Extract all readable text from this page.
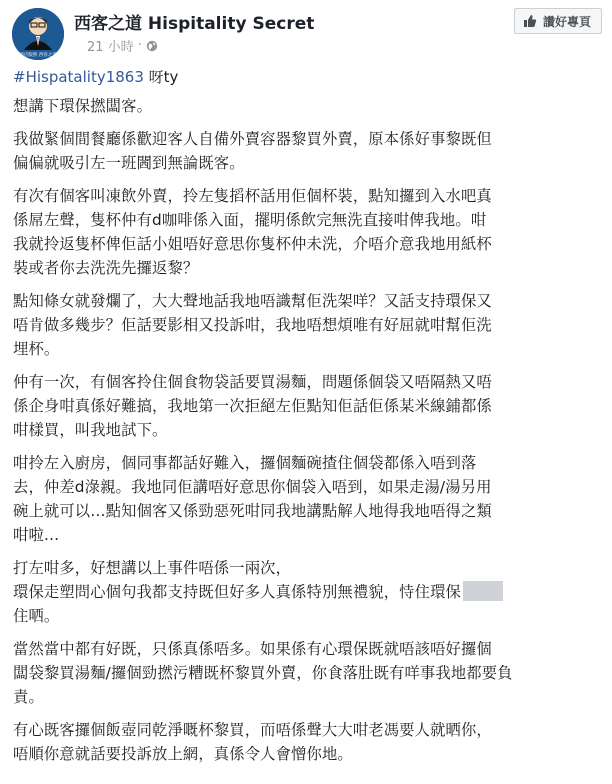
酒店服務 西客之道
西客之道 Hispitality Secret
21 小時 ·
讚好專頁

#Hispatality1863 呀ty

想講下環保撚闆客。

我做緊個間餐廳係歡迎客人自備外賣容器黎買外賣，原本係好事黎既但
偏偏就吸引左一班閪到無論既客。

有次有個客叫凍飲外賣，拎左隻搯杯話用佢個杯裝，點知攞到入水吧真
係屌左聲，隻杯仲有d咖啡係入面，擺明係飲完無洗直接咁俾我地。咁
我就拎返隻杯俾佢話小姐唔好意思你隻杯仲未洗，介唔介意我地用紙杯
裝或者你去洗洗先攞返黎？

點知條女就發爛了，大大聲地話我地唔識幫佢洗架咩？又話支持環保又
唔肯做多幾步？佢話要影相又投訴咁，我地唔想煩唯有好屈就咁幫佢洗
埋杯。

仲有一次，有個客拎住個食物袋話要買湯麵，問題係個袋又唔隔熱又唔
係企身咁真係好難搞，我地第一次拒絕左佢點知佢話佢係某米線鋪都係
咁樣買，叫我地試下。

咁拎左入廚房，個同事都話好難入，攞個麵碗揸住個袋都係入唔到落
去，仲差d淥親。我地同佢講唔好意思你個袋入唔到，如果走湯/湯另用
碗上就可以…點知個客又係勁惡死咁同我地講點解人地得我地唔得之類
咁啦…

打左咁多，好想講以上事件唔係一兩次，
環保走塑問心個句我都支持既但好多人真係特別無禮貌，恃住環保
住哂。

當然當中都有好既，只係真係唔多。如果係有心環保既就唔該唔好攞個
闆袋黎買湯麵/攞個勁撚污糟既杯黎買外賣，你食落肚既有咩事我地都要負
責。

有心既客攞個飯壺同乾淨嘅杯黎買，而唔係聲大大咁老馮要人就晒你，
唔順你意就話要投訴放上網，真係令人會憎你地。
